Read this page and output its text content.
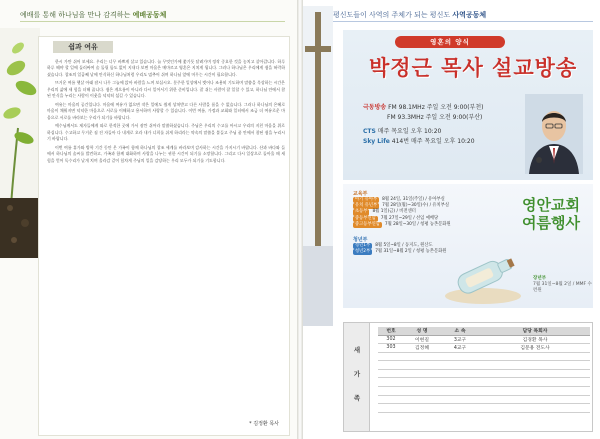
예배를 통해 하나님을 만나 감격하는 예배공동체
쉼과 여유

한시 가만 쉬어 보세요. 우리는 너무 바쁘게 살고 있습니다. 늘 무엇인가에 쫓기듯 달려가며 정작 중요한 것을 놓치고 살아갑니다. 하루하루 해야 할 일에 둘러싸여 숨 돌릴 틈도 없이 지내다 보면 마음은 메마르고 영혼은 지치게 됩니다. 그러나 하나님은 우리에게 쉼을 허락하셨습니다. 창조의 일곱째 날에 안식하신 하나님처럼 우리도 멈추어 쉬며 하나님 앞에 머무는 시간이 필요합니다.

뜨거운 여름 햇살 아래 잠시 나무 그늘에 앉아 바람을 느껴 보십시오. 분주한 일상에서 벗어나 조용히 기도하며 말씀을 묵상하는 시간은 우리의 삶에 새 힘을 더해 줍니다. 쉼은 게으름이 아니라 다시 일어서기 위한 준비입니다. 잘 쉬는 사람이 잘 일할 수 있고, 하나님 안에서 참된 안식을 누리는 사람이 이웃을 넉넉히 섬길 수 있습니다.

여유는 마음의 공간입니다. 마음에 여유가 없으면 작은 일에도 쉽게 상처받고 다른 사람을 품을 수 없습니다. 그러나 하나님의 은혜로 마음이 채워지면 넉넉한 마음으로 서로를 이해하고 용서하며 사랑할 수 있습니다. 이번 여름, 가정과 교회와 일터에서 조금 더 여유로운 마음으로 서로를 바라보는 우리가 되기를 바랍니다.

예수님께서도 제자들에게 따로 한적한 곳에 가서 잠깐 쉬어라 말씀하셨습니다. 주님은 우리의 수고를 아시고 우리의 지친 마음을 위로하십니다. 수고하고 무거운 짐 진 자들아 다 내게로 오라 내가 너희를 쉬게 하리라는 약속의 말씀을 붙들고 주님 품 안에서 참된 쉼을 누리시기 바랍니다.

이번 여름 휴가와 방학 기간 동안 온 가족이 함께 하나님의 창조 세계를 바라보며 감사하는 시간을 가지시기 바랍니다. 산과 바다와 들에서 하나님의 솜씨를 발견하고, 가족과 함께 대화하며 사랑을 나누는 귀한 시간이 되기를 소망합니다. 그리고 다시 일상으로 돌아올 때 새 힘을 얻어 독수리가 날개 치며 올라감 같이 힘차게 주님의 일을 감당하는 우리 모두가 되기를 기도합니다.

* 김정환 목사
평신도들이 사역의 주체가 되는 평신도 사역공동체
영혼의 양식
박정근 목사 설교방송
극동방송 FM 98.1MHz 주일 오전 9:00(부천)
FM 93.3MHz 주일 오전 9:00(부산)
CTS 매주 목요일 오후 10:20
Sky Life 414번 매주 목요일 오후 10:20
교육부
아기 유아부	8월 24일, 31일(주일) / 유아부실
유치 유년부	7월 28일(월)~30일(수) / 유치부실
초등부	8월 1일(금) / 비전센터
중등부연합	7월 27일~29일 / 선임 예배당
중고등부연합	7월 28일~30일 / 청평 농촌문화원
청년부
청년1부	8월 5일~8일 / 동지도, 원산도
청년2부	7월 31일~8월 2일 / 청평 농촌문화원
영안교회 여름행사
장년부
7월 31일~8월 2일 / MMF 수련원
새
가
족
번호	성 명	소 속	담당 목회자
302	이현길	3교구	김경환 목사
303	김정혜	4교구	김문용 전도사
